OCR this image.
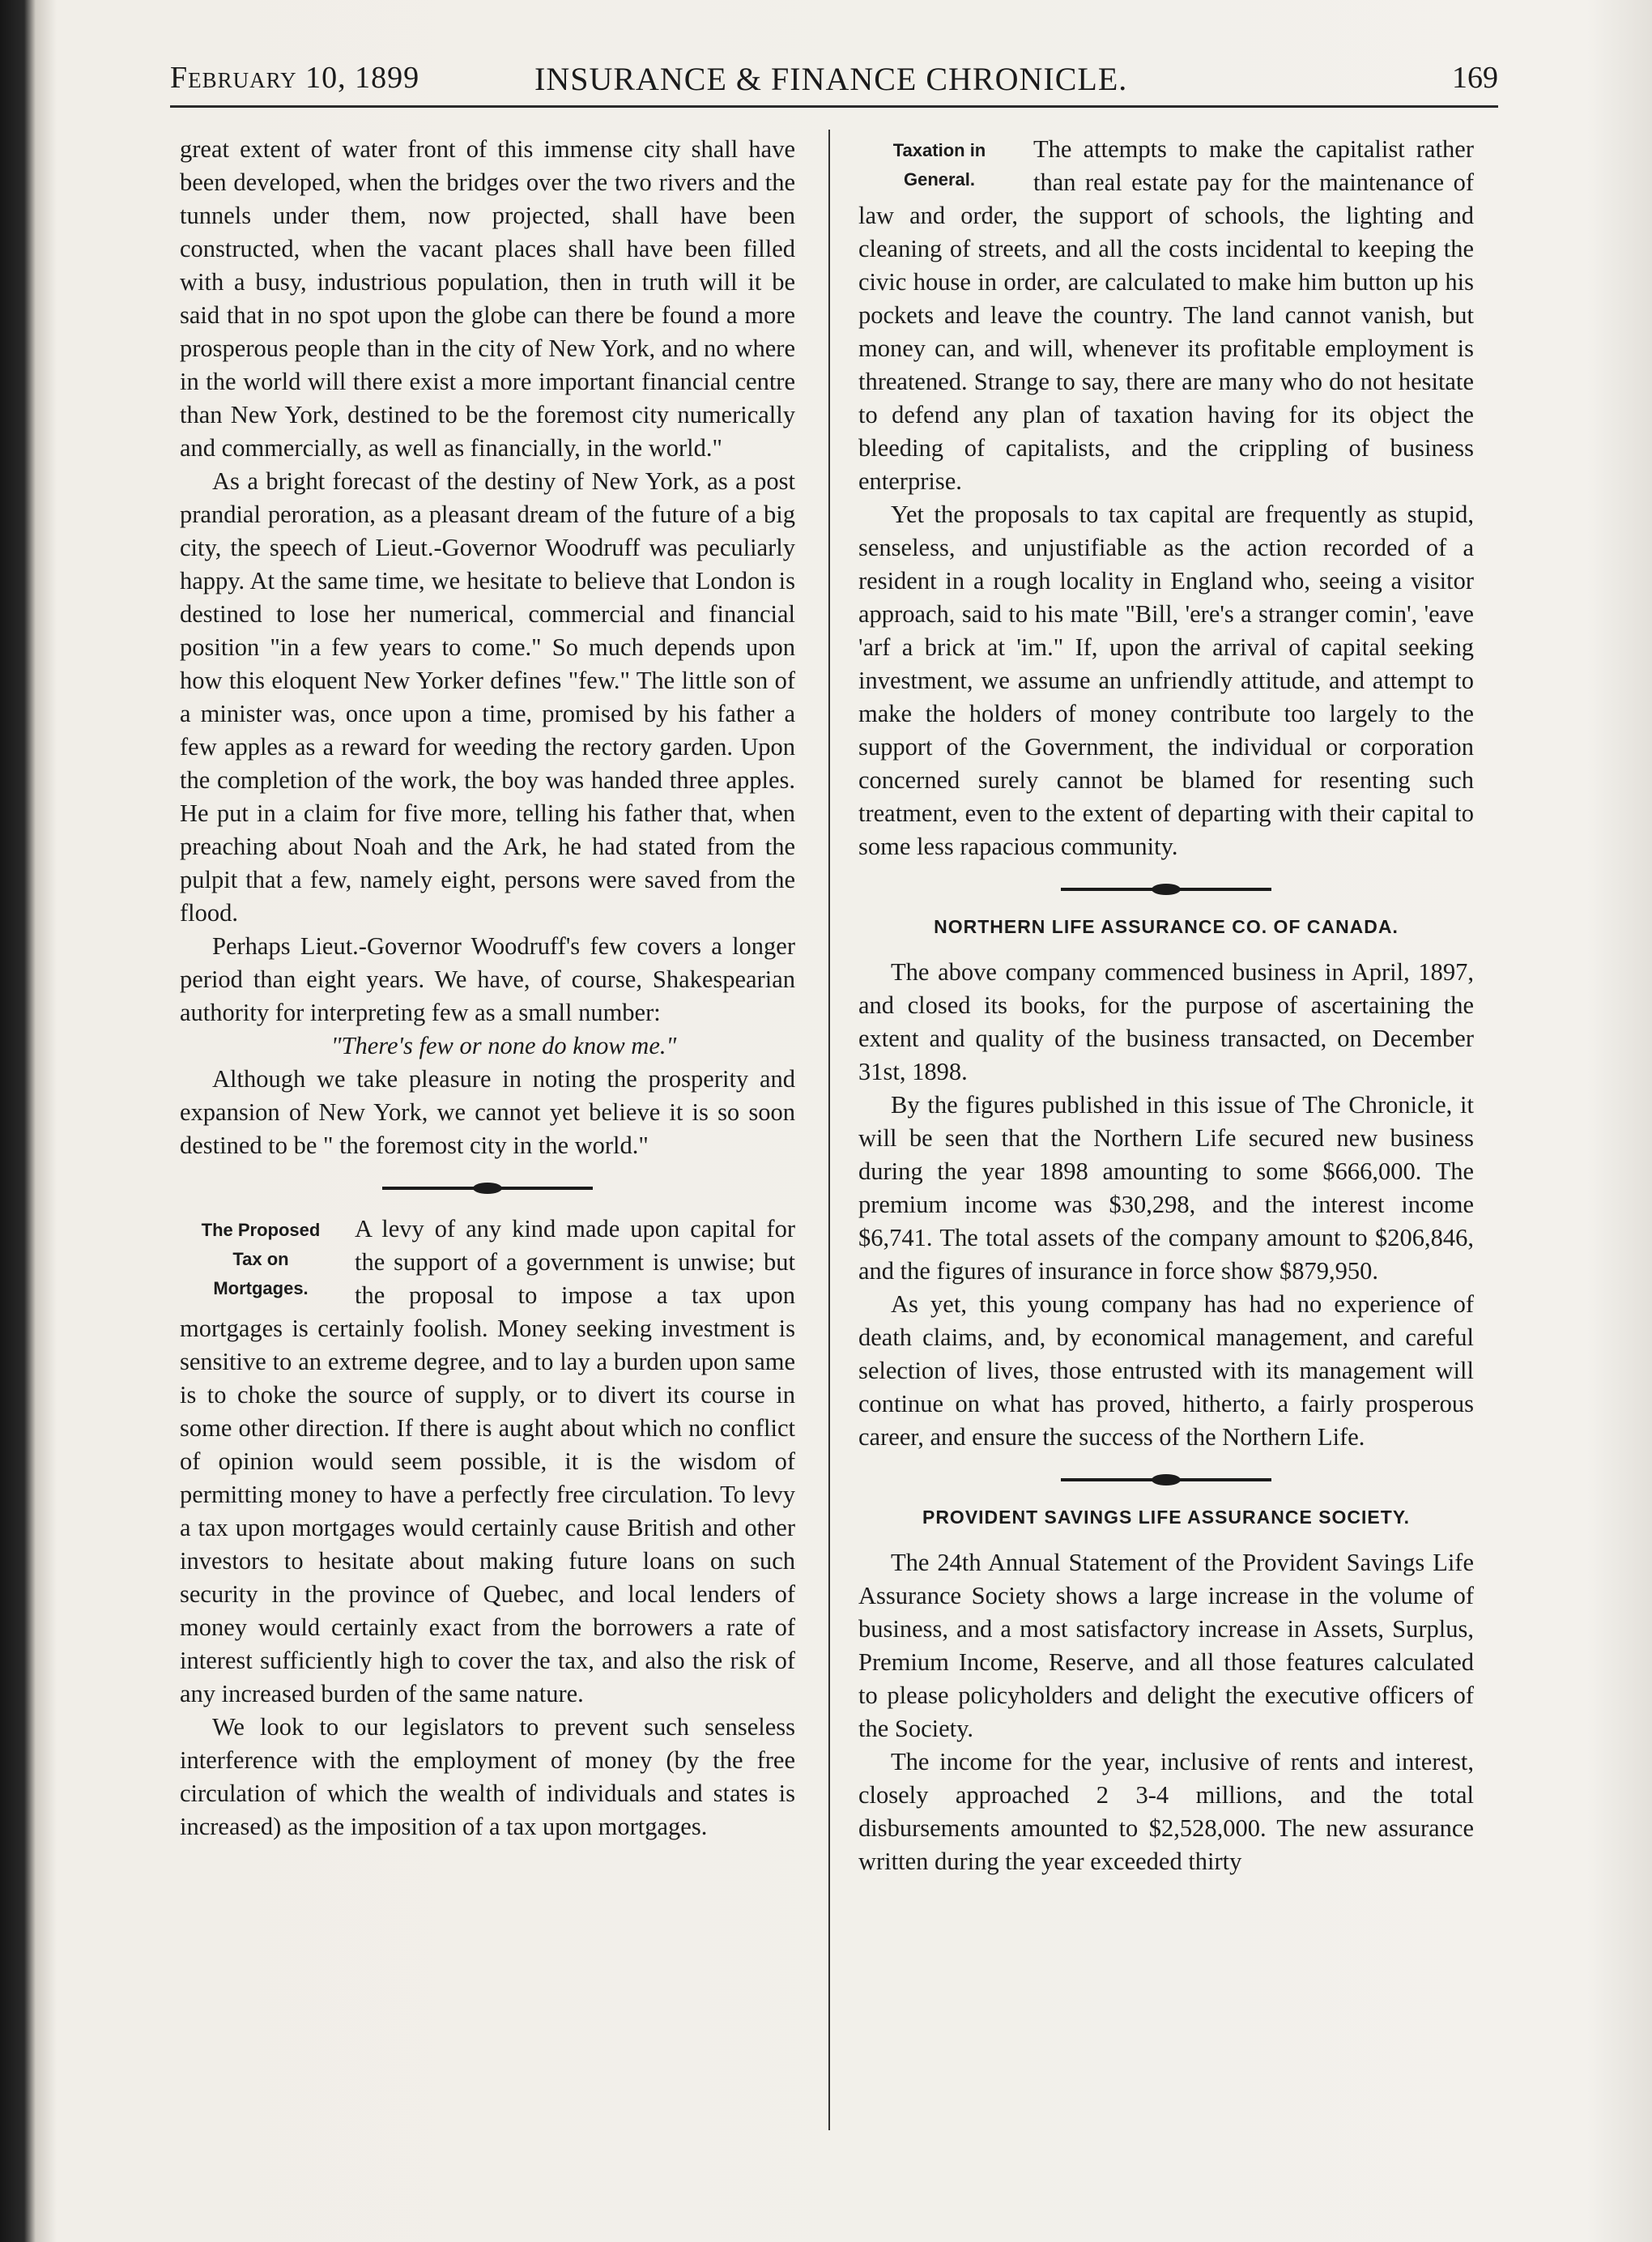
February 10, 1899	INSURANCE & FINANCE CHRONICLE.	169

great extent of water front of this immense city shall have been developed, when the bridges over the two rivers and the tunnels under them, now projected, shall have been constructed, when the vacant places shall have been filled with a busy, industrious population, then in truth will it be said that in no spot upon the globe can there be found a more prosperous people than in the city of New York, and no where in the world will there exist a more important financial centre than New York, destined to be the foremost city numerically and commercially, as well as financially, in the world."

As a bright forecast of the destiny of New York, as a post prandial peroration, as a pleasant dream of the future of a big city, the speech of Lieut.-Governor Woodruff was peculiarly happy. At the same time, we hesitate to believe that London is destined to lose her numerical, commercial and financial position "in a few years to come." So much depends upon how this eloquent New Yorker defines "few." The little son of a minister was, once upon a time, promised by his father a few apples as a reward for weeding the rectory garden. Upon the completion of the work, the boy was handed three apples. He put in a claim for five more, telling his father that, when preaching about Noah and the Ark, he had stated from the pulpit that a few, namely eight, persons were saved from the flood.

Perhaps Lieut.-Governor Woodruff's few covers a longer period than eight years. We have, of course, Shakespearian authority for interpreting few as a small number:

"There's few or none do know me."

Although we take pleasure in noting the prosperity and expansion of New York, we cannot yet believe it is so soon destined to be " the foremost city in the world."

The Proposed
Tax on
Mortgages.

A levy of any kind made upon capital for the support of a government is unwise; but the proposal to impose a tax upon mortgages is certainly foolish. Money seeking investment is sensitive to an extreme degree, and to lay a burden upon same is to choke the source of supply, or to divert its course in some other direction. If there is aught about which no conflict of opinion would seem possible, it is the wisdom of permitting money to have a perfectly free circulation. To levy a tax upon mortgages would certainly cause British and other investors to hesitate about making future loans on such security in the province of Quebec, and local lenders of money would certainly exact from the borrowers a rate of interest sufficiently high to cover the tax, and also the risk of any increased burden of the same nature.

We look to our legislators to prevent such senseless interference with the employment of money (by the free circulation of which the wealth of individuals and states is increased) as the imposition of a tax upon mortgages.

Taxation in
General.

The attempts to make the capitalist rather than real estate pay for the maintenance of law and order, the support of schools, the lighting and cleaning of streets, and all the costs incidental to keeping the civic house in order, are calculated to make him button up his pockets and leave the country. The land cannot vanish, but money can, and will, whenever its profitable employment is threatened. Strange to say, there are many who do not hesitate to defend any plan of taxation having for its object the bleeding of capitalists, and the crippling of business enterprise.

Yet the proposals to tax capital are frequently as stupid, senseless, and unjustifiable as the action recorded of a resident in a rough locality in England who, seeing a visitor approach, said to his mate "Bill, 'ere's a stranger comin', 'eave 'arf a brick at 'im." If, upon the arrival of capital seeking investment, we assume an unfriendly attitude, and attempt to make the holders of money contribute too largely to the support of the Government, the individual or corporation concerned surely cannot be blamed for resenting such treatment, even to the extent of departing with their capital to some less rapacious community.

NORTHERN LIFE ASSURANCE CO. OF CANADA.

The above company commenced business in April, 1897, and closed its books, for the purpose of ascertaining the extent and quality of the business transacted, on December 31st, 1898.

By the figures published in this issue of The Chronicle, it will be seen that the Northern Life secured new business during the year 1898 amounting to some $666,000. The premium income was $30,298, and the interest income $6,741. The total assets of the company amount to $206,846, and the figures of insurance in force show $879,950.

As yet, this young company has had no experience of death claims, and, by economical management, and careful selection of lives, those entrusted with its management will continue on what has proved, hitherto, a fairly prosperous career, and ensure the success of the Northern Life.

PROVIDENT SAVINGS LIFE ASSURANCE SOCIETY.

The 24th Annual Statement of the Provident Savings Life Assurance Society shows a large increase in the volume of business, and a most satisfactory increase in Assets, Surplus, Premium Income, Reserve, and all those features calculated to please policyholders and delight the executive officers of the Society.

The income for the year, inclusive of rents and interest, closely approached 2 3-4 millions, and the total disbursements amounted to $2,528,000. The new assurance written during the year exceeded thirty
